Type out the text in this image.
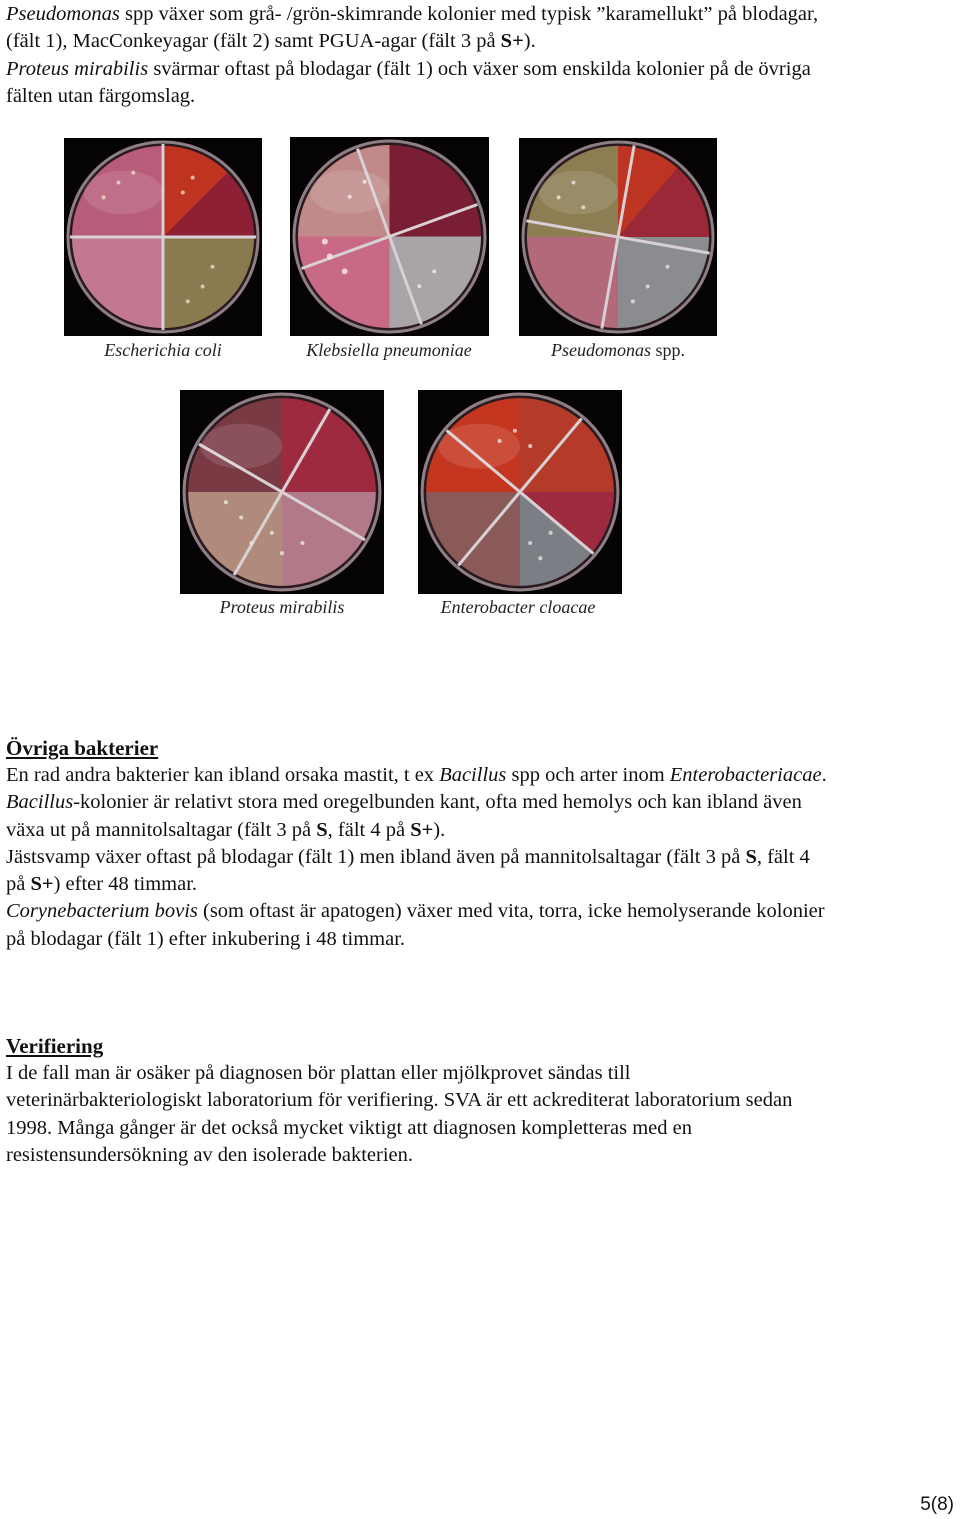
Pseudomonas spp växer som grå- /grön-skimrande kolonier med typisk ”karamellukt” på blodagar,
(fält 1), MacConkeyagar (fält 2) samt PGUA-agar (fält 3 på S+).
Proteus mirabilis svärmar oftast på blodagar (fält 1) och växer som enskilda kolonier på de övriga
fälten utan färgomslag.

Escherichia coli	Klebsiella pneumoniae	Pseudomonas spp.
Proteus mirabilis	Enterobacter cloacae
Övriga bakterier

En rad andra bakterier kan ibland orsaka mastit, t ex Bacillus spp och arter inom Enterobacteriacae.
Bacillus-kolonier är relativt stora med oregelbunden kant, ofta med hemolys och kan ibland även
växa ut på mannitolsaltagar (fält 3 på S, fält 4 på S+).
Jästsvamp växer oftast på blodagar (fält 1) men ibland även på mannitolsaltagar (fält 3 på S, fält 4
på S+) efter 48 timmar.
Corynebacterium bovis (som oftast är apatogen) växer med vita, torra, icke hemolyserande kolonier
på blodagar (fält 1) efter inkubering i 48 timmar.

Verifiering

I de fall man är osäker på diagnosen bör plattan eller mjölkprovet sändas till
veterinärbakteriologiskt laboratorium för verifiering. SVA är ett ackrediterat laboratorium sedan
1998. Många gånger är det också mycket viktigt att diagnosen kompletteras med en
resistensundersökning av den isolerade bakterien.

5(8)
